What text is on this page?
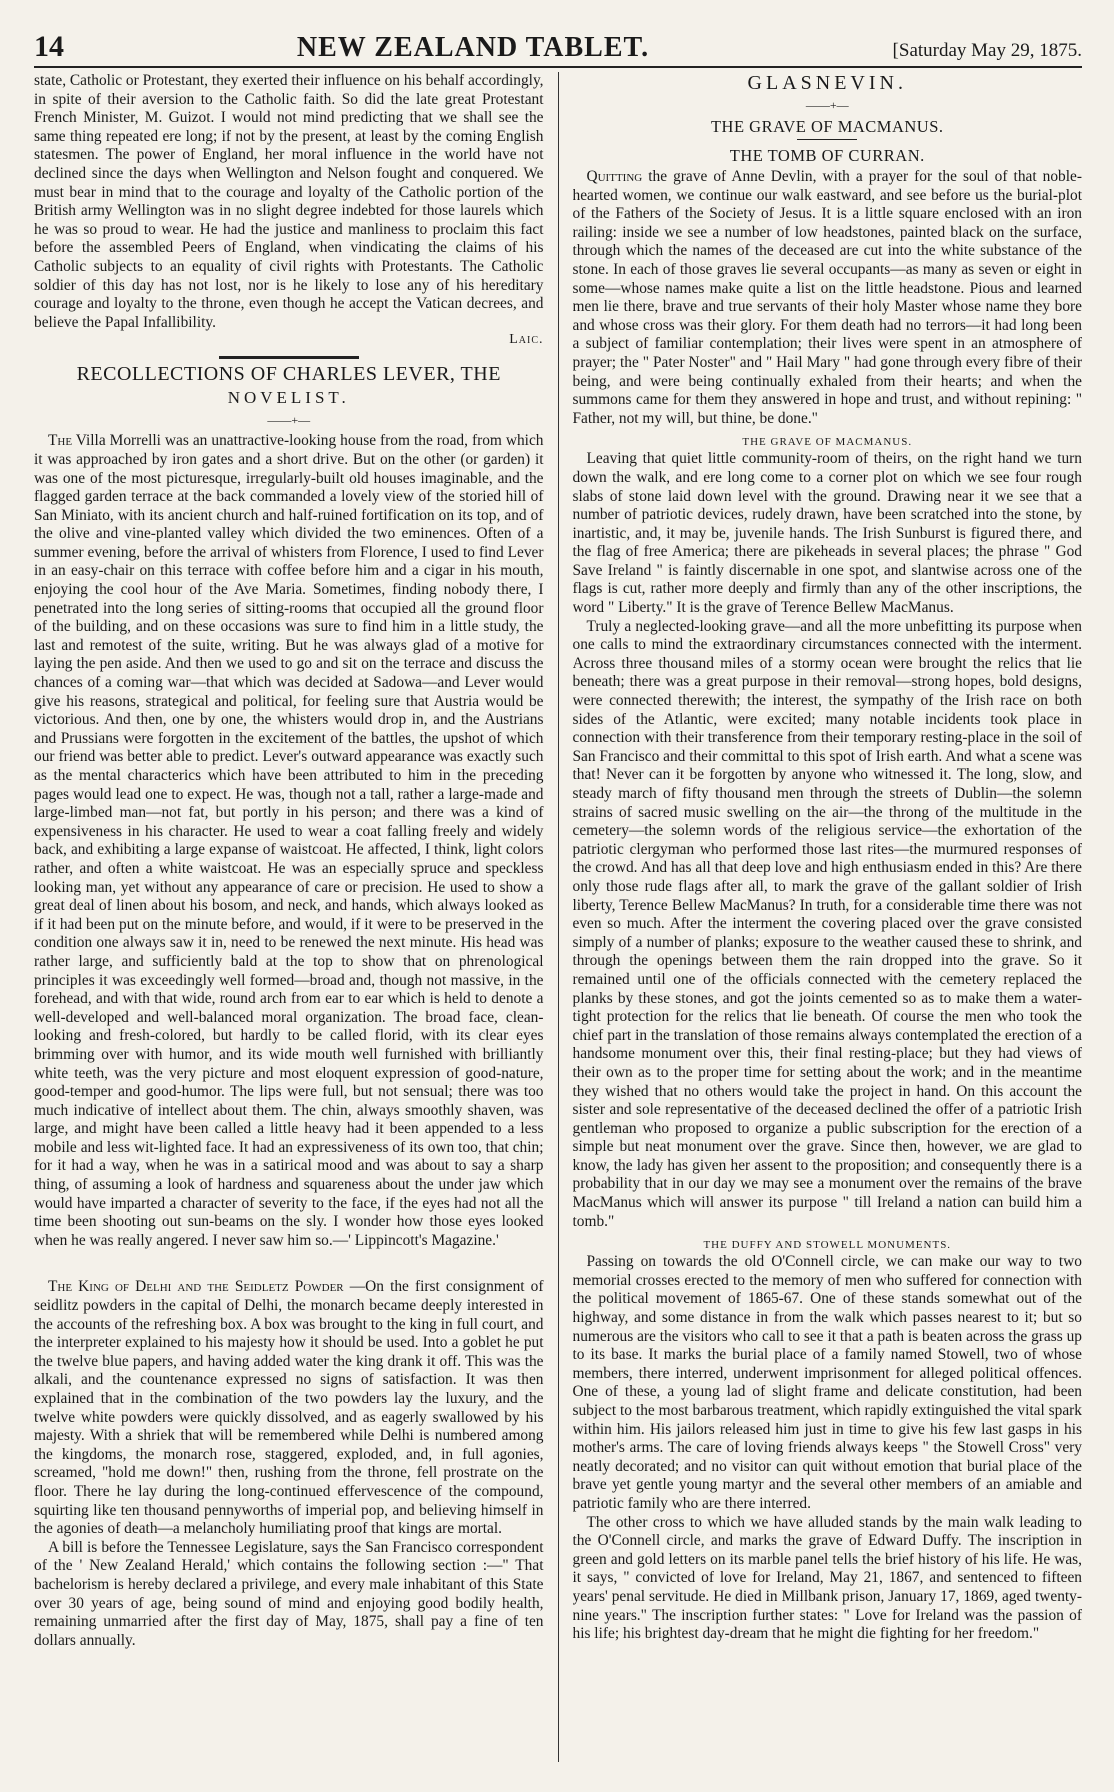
14	NEW ZEALAND TABLET.	[Saturday May 29, 1875.

state, Catholic or Protestant, they exerted their influence on his behalf accordingly, in spite of their aversion to the Catholic faith. So did the late great Protestant French Minister, M. Guizot. I would not mind predicting that we shall see the same thing repeated ere long; if not by the present, at least by the coming English statesmen. The power of England, her moral influence in the world have not declined since the days when Wellington and Nelson fought and conquered. We must bear in mind that to the courage and loyalty of the Catholic portion of the British army Wellington was in no slight degree indebted for those laurels which he was so proud to wear. He had the justice and manliness to proclaim this fact before the assembled Peers of England, when vindicating the claims of his Catholic subjects to an equality of civil rights with Protestants. The Catholic soldier of this day has not lost, nor is he likely to lose any of his hereditary courage and loyalty to the throne, even though he accept the Vatican decrees, and believe the Papal Infallibility.

Laic.
RECOLLECTIONS OF CHARLES LEVER, THE
NOVELIST.
——+—

The Villa Morrelli was an unattractive-looking house from the road, from which it was approached by iron gates and a short drive. But on the other (or garden) it was one of the most picturesque, irregularly-built old houses imaginable, and the flagged garden terrace at the back commanded a lovely view of the storied hill of San Miniato, with its ancient church and half-ruined fortification on its top, and of the olive and vine-planted valley which divided the two eminences. Often of a summer evening, before the arrival of whisters from Florence, I used to find Lever in an easy-chair on this terrace with coffee before him and a cigar in his mouth, enjoying the cool hour of the Ave Maria. Sometimes, finding nobody there, I penetrated into the long series of sitting-rooms that occupied all the ground floor of the building, and on these occasions was sure to find him in a little study, the last and remotest of the suite, writing. But he was always glad of a motive for laying the pen aside. And then we used to go and sit on the terrace and discuss the chances of a coming war—that which was decided at Sadowa—and Lever would give his reasons, strategical and political, for feeling sure that Austria would be victorious. And then, one by one, the whisters would drop in, and the Austrians and Prussians were forgotten in the excitement of the battles, the upshot of which our friend was better able to predict. Lever's outward appearance was exactly such as the mental characterics which have been attributed to him in the preceding pages would lead one to expect. He was, though not a tall, rather a large-made and large-limbed man—not fat, but portly in his person; and there was a kind of expensiveness in his character. He used to wear a coat falling freely and widely back, and exhibiting a large expanse of waistcoat. He affected, I think, light colors rather, and often a white waistcoat. He was an especially spruce and speckless looking man, yet without any appearance of care or precision. He used to show a great deal of linen about his bosom, and neck, and hands, which always looked as if it had been put on the minute before, and would, if it were to be preserved in the condition one always saw it in, need to be renewed the next minute. His head was rather large, and sufficiently bald at the top to show that on phrenological principles it was exceedingly well formed—broad and, though not massive, in the forehead, and with that wide, round arch from ear to ear which is held to denote a well-developed and well-balanced moral organization. The broad face, clean-looking and fresh-colored, but hardly to be called florid, with its clear eyes brimming over with humor, and its wide mouth well furnished with brilliantly white teeth, was the very picture and most eloquent expression of good-nature, good-temper and good-humor. The lips were full, but not sensual; there was too much indicative of intellect about them. The chin, always smoothly shaven, was large, and might have been called a little heavy had it been appended to a less mobile and less wit-lighted face. It had an expressiveness of its own too, that chin; for it had a way, when he was in a satirical mood and was about to say a sharp thing, of assuming a look of hardness and squareness about the under jaw which would have imparted a character of severity to the face, if the eyes had not all the time been shooting out sun-beams on the sly. I wonder how those eyes looked when he was really angered. I never saw him so.—' Lippincott's Magazine.'

The King of Delhi and the Seidletz Powder —On the first consignment of seidlitz powders in the capital of Delhi, the monarch became deeply interested in the accounts of the refreshing box. A box was brought to the king in full court, and the interpreter explained to his majesty how it should be used. Into a goblet he put the twelve blue papers, and having added water the king drank it off. This was the alkali, and the countenance expressed no signs of satisfaction. It was then explained that in the combination of the two powders lay the luxury, and the twelve white powders were quickly dissolved, and as eagerly swallowed by his majesty. With a shriek that will be remembered while Delhi is numbered among the kingdoms, the monarch rose, staggered, exploded, and, in full agonies, screamed, "hold me down!" then, rushing from the throne, fell prostrate on the floor. There he lay during the long-continued effervescence of the compound, squirting like ten thousand pennyworths of imperial pop, and believing himself in the agonies of death—a melancholy humiliating proof that kings are mortal.

A bill is before the Tennessee Legislature, says the San Francisco correspondent of the ' New Zealand Herald,' which contains the following section :—" That bachelorism is hereby declared a privilege, and every male inhabitant of this State over 30 years of age, being sound of mind and enjoying good bodily health, remaining unmarried after the first day of May, 1875, shall pay a fine of ten dollars annually.

GLASNEVIN.
——+—
THE GRAVE OF MACMANUS.
THE TOMB OF CURRAN.

Quitting the grave of Anne Devlin, with a prayer for the soul of that noble-hearted women, we continue our walk eastward, and see before us the burial-plot of the Fathers of the Society of Jesus. It is a little square enclosed with an iron railing: inside we see a number of low headstones, painted black on the surface, through which the names of the deceased are cut into the white substance of the stone. In each of those graves lie several occupants—as many as seven or eight in some—whose names make quite a list on the little headstone. Pious and learned men lie there, brave and true servants of their holy Master whose name they bore and whose cross was their glory. For them death had no terrors—it had long been a subject of familiar contemplation; their lives were spent in an atmosphere of prayer; the " Pater Noster" and " Hail Mary " had gone through every fibre of their being, and were being continually exhaled from their hearts; and when the summons came for them they answered in hope and trust, and without repining: " Father, not my will, but thine, be done."

THE GRAVE OF MACMANUS.

Leaving that quiet little community-room of theirs, on the right hand we turn down the walk, and ere long come to a corner plot on which we see four rough slabs of stone laid down level with the ground. Drawing near it we see that a number of patriotic devices, rudely drawn, have been scratched into the stone, by inartistic, and, it may be, juvenile hands. The Irish Sunburst is figured there, and the flag of free America; there are pikeheads in several places; the phrase " God Save Ireland " is faintly discernable in one spot, and slantwise across one of the flags is cut, rather more deeply and firmly than any of the other inscriptions, the word " Liberty." It is the grave of Terence Bellew MacManus.

Truly a neglected-looking grave—and all the more unbefitting its purpose when one calls to mind the extraordinary circumstances connected with the interment. Across three thousand miles of a stormy ocean were brought the relics that lie beneath; there was a great purpose in their removal—strong hopes, bold designs, were connected therewith; the interest, the sympathy of the Irish race on both sides of the Atlantic, were excited; many notable incidents took place in connection with their transference from their temporary resting-place in the soil of San Francisco and their committal to this spot of Irish earth. And what a scene was that! Never can it be forgotten by anyone who witnessed it. The long, slow, and steady march of fifty thousand men through the streets of Dublin—the solemn strains of sacred music swelling on the air—the throng of the multitude in the cemetery—the solemn words of the religious service—the exhortation of the patriotic clergyman who performed those last rites—the murmured responses of the crowd. And has all that deep love and high enthusiasm ended in this? Are there only those rude flags after all, to mark the grave of the gallant soldier of Irish liberty, Terence Bellew MacManus? In truth, for a considerable time there was not even so much. After the interment the covering placed over the grave consisted simply of a number of planks; exposure to the weather caused these to shrink, and through the openings between them the rain dropped into the grave. So it remained until one of the officials connected with the cemetery replaced the planks by these stones, and got the joints cemented so as to make them a water-tight protection for the relics that lie beneath. Of course the men who took the chief part in the translation of those remains always contemplated the erection of a handsome monument over this, their final resting-place; but they had views of their own as to the proper time for setting about the work; and in the meantime they wished that no others would take the project in hand. On this account the sister and sole representative of the deceased declined the offer of a patriotic Irish gentleman who proposed to organize a public subscription for the erection of a simple but neat monument over the grave. Since then, however, we are glad to know, the lady has given her assent to the proposition; and consequently there is a probability that in our day we may see a monument over the remains of the brave MacManus which will answer its purpose " till Ireland a nation can build him a tomb."

THE DUFFY AND STOWELL MONUMENTS.

Passing on towards the old O'Connell circle, we can make our way to two memorial crosses erected to the memory of men who suffered for connection with the political movement of 1865-67. One of these stands somewhat out of the highway, and some distance in from the walk which passes nearest to it; but so numerous are the visitors who call to see it that a path is beaten across the grass up to its base. It marks the burial place of a family named Stowell, two of whose members, there interred, underwent imprisonment for alleged political offences. One of these, a young lad of slight frame and delicate constitution, had been subject to the most barbarous treatment, which rapidly extinguished the vital spark within him. His jailors released him just in time to give his few last gasps in his mother's arms. The care of loving friends always keeps " the Stowell Cross" very neatly decorated; and no visitor can quit without emotion that burial place of the brave yet gentle young martyr and the several other members of an amiable and patriotic family who are there interred.

The other cross to which we have alluded stands by the main walk leading to the O'Connell circle, and marks the grave of Edward Duffy. The inscription in green and gold letters on its marble panel tells the brief history of his life. He was, it says, " convicted of love for Ireland, May 21, 1867, and sentenced to fifteen years' penal servitude. He died in Millbank prison, January 17, 1869, aged twenty-nine years." The inscription further states: " Love for Ireland was the passion of his life; his brightest day-dream that he might die fighting for her freedom."
